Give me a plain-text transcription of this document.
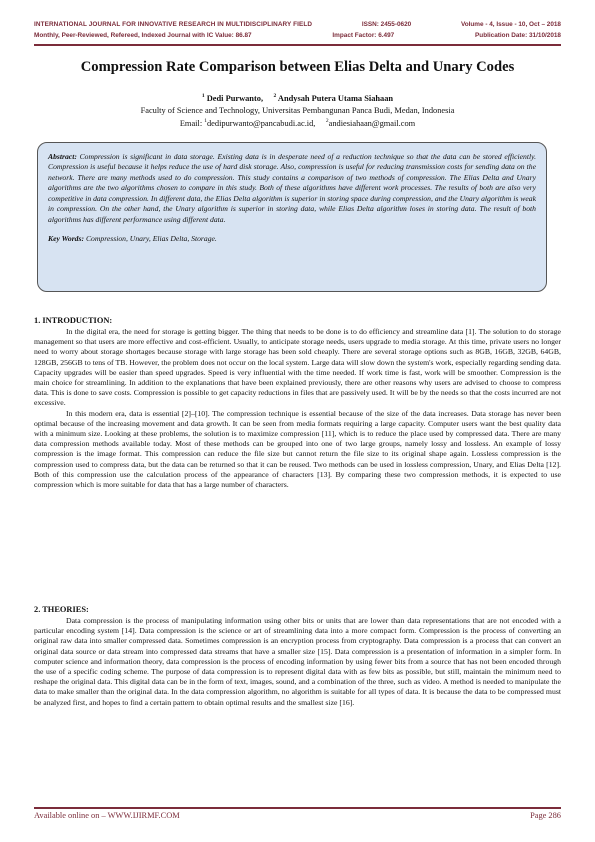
INTERNATIONAL JOURNAL FOR INNOVATIVE RESEARCH IN MULTIDISCIPLINARY FIELD	ISSN: 2455-0620	Volume - 4, Issue - 10, Oct – 2018
Monthly, Peer-Reviewed, Refereed, Indexed Journal with IC Value: 86.87	Impact Factor: 6.497	Publication Date: 31/10/2018
Compression Rate Comparison between Elias Delta and Unary Codes
$^1$ Dedi Purwanto, $^2$ Andysah Putera Utama Siahaan
Faculty of Science and Technology, Universitas Pembangunan Panca Budi, Medan, Indonesia
Email: $^1$dedipurwanto@pancabudi.ac.id, $^2$andiesiahaan@gmail.com
Abstract: Compression is significant in data storage. Existing data is in desperate need of a reduction technique so that the data can be stored efficiently. Compression is useful because it helps reduce the use of hard disk storage. Also, compression is useful for reducing transmission costs for sending data on the network. There are many methods used to do compression. This study contains a comparison of two methods of compression. The Elias Delta and Unary algorithms are the two algorithms chosen to compare in this study. Both of these algorithms have different work processes. The results of both are also very competitive in data compression. In different data, the Elias Delta algorithm is superior in storing space during compression, and the Unary algorithm is weak in compression. On the other hand, the Unary algorithm is superior in storing data, while Elias Delta algorithm loses in storing data. The result of both algorithms has different performance using different data.
Key Words: Compression, Unary, Elias Delta, Storage.
1. INTRODUCTION:

In the digital era, the need for storage is getting bigger. The thing that needs to be done is to do efficiency and streamline data [1]. The solution to do storage management so that users are more effective and cost-efficient. Usually, to anticipate storage needs, users upgrade to media storage. At this time, private users no longer need to worry about storage shortages because storage with large storage has been sold cheaply. There are several storage options such as 8GB, 16GB, 32GB, 64GB, 128GB, 256GB to tens of TB. However, the problem does not occur on the local system. Large data will slow down the system's work, especially regarding sending data. Capacity upgrades will be easier than speed upgrades. Speed is very influential with the time needed. If work time is fast, work will be smoother. Compression is the main choice for streamlining. In addition to the explanations that have been explained previously, there are other reasons why users are advised to choose to compress data. This is done to save costs. Compression is possible to get capacity reductions in files that are passively used. It will be by the needs so that the costs incurred are not excessive.

In this modern era, data is essential [2]–[10]. The compression technique is essential because of the size of the data increases. Data storage has never been optimal because of the increasing movement and data growth. It can be seen from media formats requiring a large capacity. Computer users want the best quality data with a minimum size. Looking at these problems, the solution is to maximize compression [11], which is to reduce the place used by compressed data. There are many data compression methods available today. Most of these methods can be grouped into one of two large groups, namely lossy and lossless. An example of lossy compression is the image format. This compression can reduce the file size but cannot return the file size to its original shape again. Lossless compression is the compression used to compress data, but the data can be returned so that it can be reused. Two methods can be used in lossless compression, Unary, and Elias Delta [12]. Both of this compression use the calculation process of the appearance of characters [13]. By comparing these two compression methods, it is expected to use compression which is more suitable for data that has a large number of characters.

2. THEORIES:

Data compression is the process of manipulating information using other bits or units that are lower than data representations that are not encoded with a particular encoding system [14]. Data compression is the science or art of streamlining data into a more compact form. Compression is the process of converting an original raw data into smaller compressed data. Sometimes compression is an encryption process from cryptography. Data compression is a process that can convert an original data source or data stream into compressed data streams that have a smaller size [15]. Data compression is a presentation of information in a simpler form. In computer science and information theory, data compression is the process of encoding information by using fewer bits from a source that has not been encoded through the use of a specific coding scheme. The purpose of data compression is to represent digital data with as few bits as possible, but still, maintain the minimum need to reshape the original data. This digital data can be in the form of text, images, sound, and a combination of the three, such as video. A method is needed to manipulate the data to make smaller than the original data. In the data compression algorithm, no algorithm is suitable for all types of data. It is because the data to be compressed must be analyzed first, and hopes to find a certain pattern to obtain optimal results and the smallest size [16].

Available online on – WWW.IJIRMF.COM	Page 286
